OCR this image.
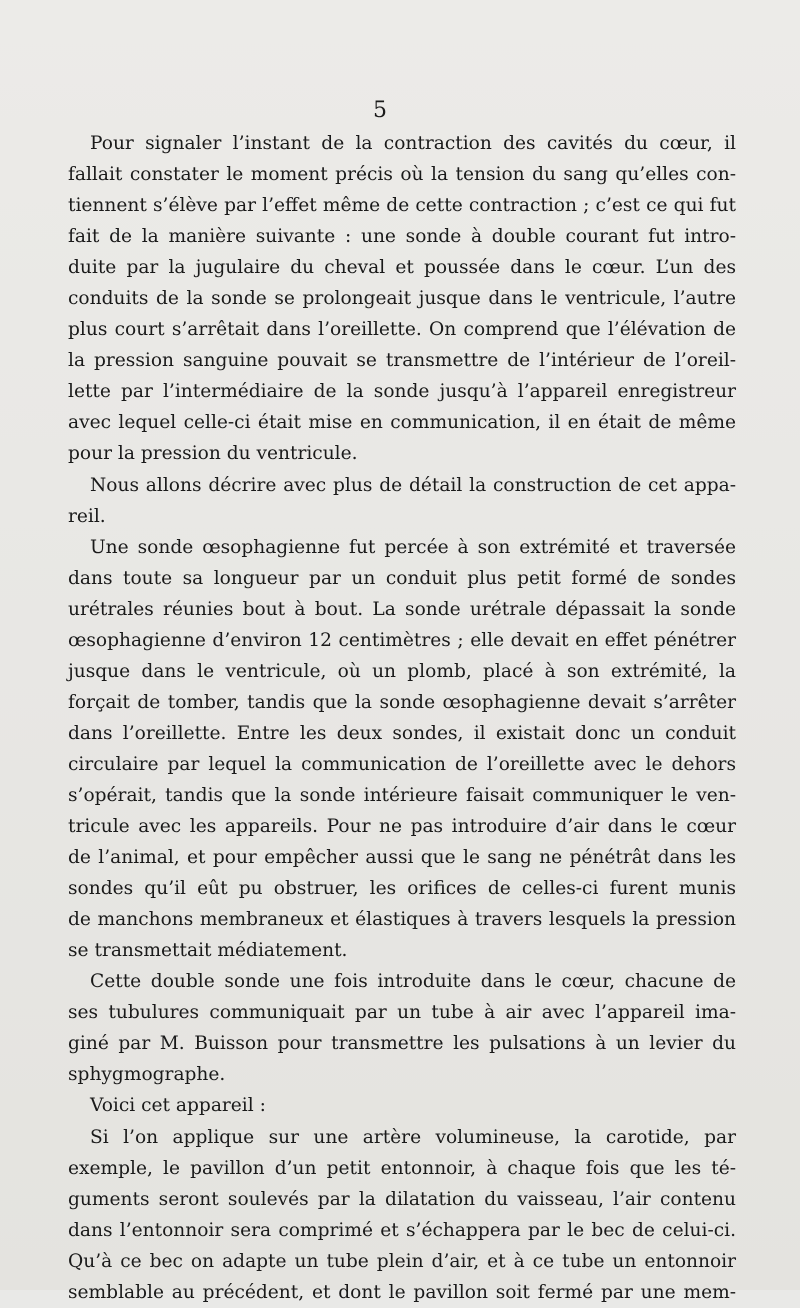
5
Pour signaler l’instant de la contraction des cavités du cœur, il
fallait constater le moment précis où la tension du sang qu’elles con-
tiennent s’élève par l’effet même de cette contraction ; c’est ce qui fut
fait de la manière suivante : une sonde à double courant fut intro-
duite par la jugulaire du cheval et poussée dans le cœur. L’un des
conduits de la sonde se prolongeait jusque dans le ventricule, l’autre
plus court s’arrêtait dans l’oreillette. On comprend que l’élévation de
la pression sanguine pouvait se transmettre de l’intérieur de l’oreil-
lette par l’intermédiaire de la sonde jusqu’à l’appareil enregistreur
avec lequel celle-ci était mise en communication, il en était de même
pour la pression du ventricule.
Nous allons décrire avec plus de détail la construction de cet appa-
reil.
Une sonde œsophagienne fut percée à son extrémité et traversée
dans toute sa longueur par un conduit plus petit formé de sondes
urétrales réunies bout à bout. La sonde urétrale dépassait la sonde
œsophagienne d’environ 12 centimètres ; elle devait en effet pénétrer
jusque dans le ventricule, où un plomb, placé à son extrémité, la
forçait de tomber, tandis que la sonde œsophagienne devait s’arrêter
dans l’oreillette. Entre les deux sondes, il existait donc un conduit
circulaire par lequel la communication de l’oreillette avec le dehors
s’opérait, tandis que la sonde intérieure faisait communiquer le ven-
tricule avec les appareils. Pour ne pas introduire d’air dans le cœur
de l’animal, et pour empêcher aussi que le sang ne pénétrât dans les
sondes qu’il eût pu obstruer, les orifices de celles-ci furent munis
de manchons membraneux et élastiques à travers lesquels la pression
se transmettait médiatement.
Cette double sonde une fois introduite dans le cœur, chacune de
ses tubulures communiquait par un tube à air avec l’appareil ima-
giné par M. Buisson pour transmettre les pulsations à un levier du
sphygmographe.
Voici cet appareil :
Si l’on applique sur une artère volumineuse, la carotide, par
exemple, le pavillon d’un petit entonnoir, à chaque fois que les té-
guments seront soulevés par la dilatation du vaisseau, l’air contenu
dans l’entonnoir sera comprimé et s’échappera par le bec de celui-ci.
Qu’à ce bec on adapte un tube plein d’air, et à ce tube un entonnoir
semblable au précédent, et dont le pavillon soit fermé par une mem-
